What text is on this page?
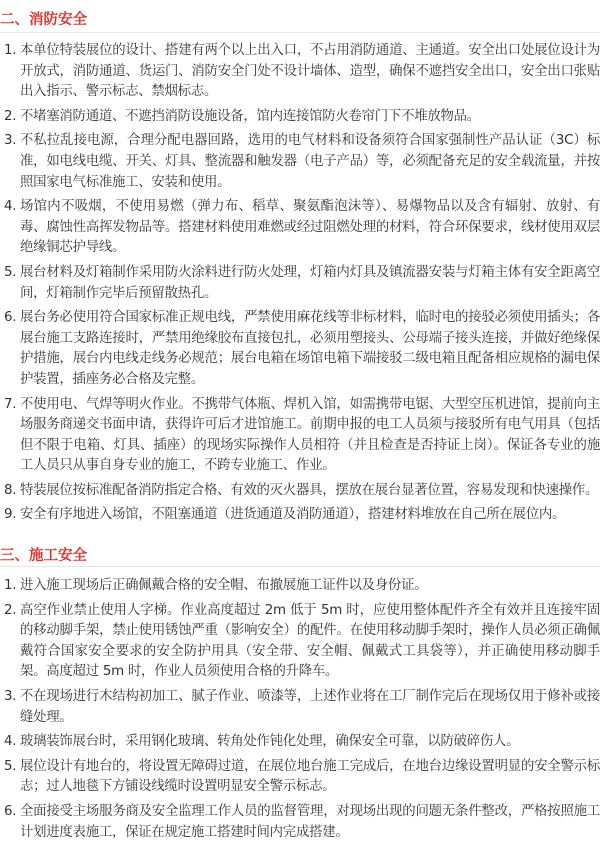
二、消防安全
1. 本单位特装展位的设计、搭建有两个以上出入口，不占用消防通道、主通道。安全出口处展位设计为开放式，消防通道、货运门、消防安全门处不设计墙体、造型，确保不遮挡安全出口，安全出口张贴出入指示、警示标志、禁烟标志。
2. 不堵塞消防通道、不遮挡消防设施设备，馆内连接馆防火卷帘门下不堆放物品。
3. 不私拉乱接电源，合理分配电器回路，选用的电气材料和设备须符合国家强制性产品认证（3C）标准，如电线电缆、开关、灯具、整流器和触发器（电子产品）等，必须配备充足的安全载流量，并按照国家电气标准施工、安装和使用。
4. 场馆内不吸烟，不使用易燃（弹力布、稻草、聚氨酯泡沫等）、易爆物品以及含有辐射、放射、有毒、腐蚀性高挥发物品等。搭建材料使用难燃或经过阻燃处理的材料，符合环保要求，线材使用双层绝缘铜芯护导线。
5. 展台材料及灯箱制作采用防火涂料进行防火处理，灯箱内灯具及镇流器安装与灯箱主体有安全距离空间，灯箱制作完毕后预留散热孔。
6. 展台务必使用符合国家标准正规电线，严禁使用麻花线等非标材料，临时电的接驳必须使用插头；各展台施工支路连接时，严禁用绝缘胶布直接包扎，必须用塑接头、公母端子接头连接，并做好绝缘保护措施，展台内电线走线务必规范；展台电箱在场馆电箱下端接驳二级电箱且配备相应规格的漏电保护装置，插座务必合格及完整。
7. 不使用电、气焊等明火作业。不携带气体瓶、焊机入馆，如需携带电锯、大型空压机进馆，提前向主场服务商递交书面申请，获得许可后才进馆施工。前期申报的电工人员须与接驳所有电气用具（包括但不限于电箱、灯具、插座）的现场实际操作人员相符（并且检查是否持证上岗）。保证各专业的施工人员只从事自身专业的施工，不跨专业施工、作业。
8. 特装展位按标准配备消防指定合格、有效的灭火器具，摆放在展台显著位置，容易发现和快速操作。
9. 安全有序地进入场馆，不阻塞通道（进货通道及消防通道），搭建材料堆放在自己所在展位内。
三、施工安全
1. 进入施工现场后正确佩戴合格的安全帽、布撤展施工证件以及身份证。
2. 高空作业禁止使用人字梯。作业高度超过 2m 低于 5m 时，应使用整体配件齐全有效并且连接牢固的移动脚手架，禁止使用锈蚀严重（影响安全）的配件。在使用移动脚手架时，操作人员必须正确佩戴符合国家安全要求的安全防护用具（安全带、安全帽、佩戴式工具袋等），并正确使用移动脚手架。高度超过 5m 时，作业人员须使用合格的升降车。
3. 不在现场进行木结构初加工、腻子作业、喷漆等，上述作业将在工厂制作完后在现场仅用于修补或接缝处理。
4. 玻璃装饰展台时，采用钢化玻璃、转角处作钝化处理，确保安全可靠，以防破碎伤人。
5. 展位设计有地台的，将设置无障碍过道，在展位地台施工完成后，在地台边缘设置明显的安全警示标志；过人地毯下方铺设线缆时设置明显安全警示标志。
6. 全面接受主场服务商及安全监理工作人员的监督管理，对现场出现的问题无条件整改，严格按照施工计划进度表施工，保证在规定施工搭建时间内完成搭建。
